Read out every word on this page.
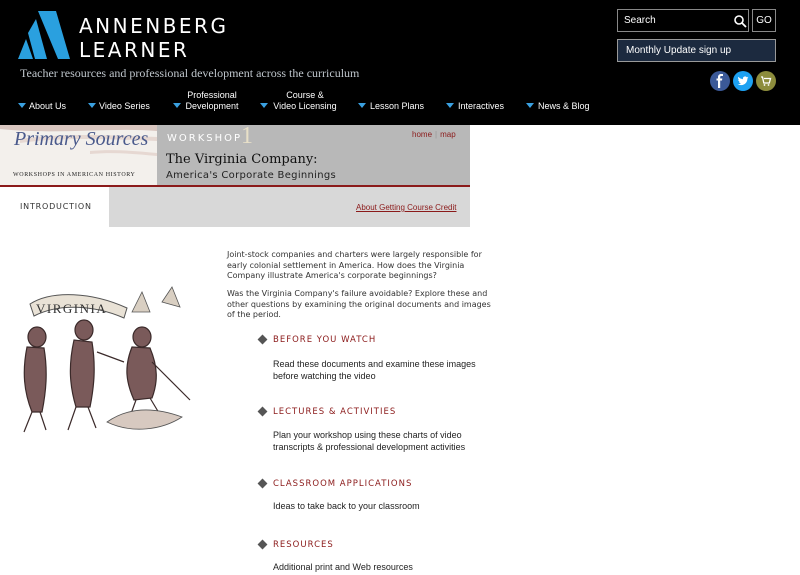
ANNENBERG
LEARNER
Teacher resources and professional development across the curriculum
Search
GO
Monthly Update sign up
About Us	Video Series
Professional
Development
Course &
Video Licensing	Lesson Plans	Interactives	News & Blog
Primary Sources
WORKSHOPS IN AMERICAN HISTORY
WORKSHOP
1	home | map
The Virginia Company:
America's Corporate Beginnings
INTRODUCTION	About Getting Course Credit
Joint-stock companies and charters were largely responsible for early colonial settlement in America. How does the Virginia Company illustrate America's corporate beginnings?
Was the Virginia Company's failure avoidable? Explore these and other questions by examining the original documents and images of the period.
VIRGINIA
BEFORE YOU WATCH
Read these documents and examine these images before watching the video
LECTURES & ACTIVITIES
Plan your workshop using these charts of video transcripts & professional development activities
CLASSROOM APPLICATIONS
Ideas to take back to your classroom
RESOURCES
Additional print and Web resources
